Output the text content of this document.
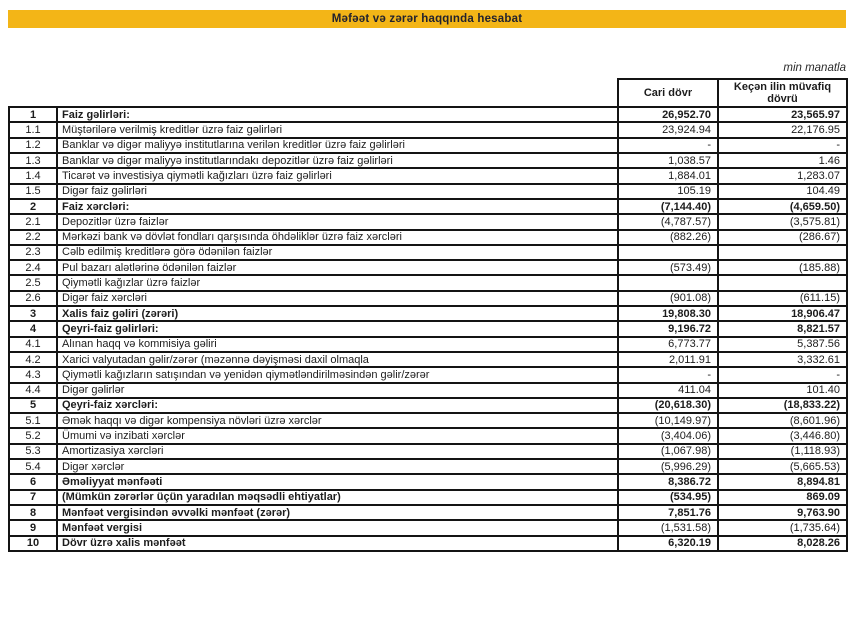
Məfəət və zərər haqqında hesabat
min manatla
		Cari dövr	Keçən ilin müvafiq dövrü
1	Faiz gəlirləri:	26,952.70	23,565.97
1.1	Müştərilərə verilmiş kreditlər üzrə faiz gəlirləri	23,924.94	22,176.95
1.2	Banklar və digər maliyyə institutlarına verilən kreditlər üzrə faiz gəlirləri	-	-
1.3	Banklar və digər maliyyə institutlarındakı depozitlər üzrə faiz gəlirləri	1,038.57	1.46
1.4	Ticarət və investisiya qiymətli kağızları üzrə faiz gəlirləri	1,884.01	1,283.07
1.5	Digər faiz gəlirləri	105.19	104.49
2	Faiz xərcləri:	(7,144.40)	(4,659.50)
2.1	Depozitlər üzrə faizlər	(4,787.57)	(3,575.81)
2.2	Mərkəzi bank və dövlət fondları qarşısında öhdəliklər üzrə faiz xərcləri	(882.26)	(286.67)
2.3	Cəlb edilmiş kreditlərə görə ödənilən faizlər		
2.4	Pul bazarı alətlərinə ödənilən faizlər	(573.49)	(185.88)
2.5	Qiymətli kağızlar üzrə faizlər		
2.6	Digər faiz xərcləri	(901.08)	(611.15)
3	Xalis faiz gəliri (zərəri)	19,808.30	18,906.47
4	Qeyri-faiz gəlirləri:	9,196.72	8,821.57
4.1	Alınan haqq və kommisiya gəliri	6,773.77	5,387.56
4.2	Xarici valyutadan gəlir/zərər (məzənnə dəyişməsi daxil olmaqla	2,011.91	3,332.61
4.3	Qiymətli kağızların satışından və yenidən qiymətləndirilməsindən gəlir/zərər	-	-
4.4	Digər gəlirlər	411.04	101.40
5	Qeyri-faiz xərcləri:	(20,618.30)	(18,833.22)
5.1	Əmək haqqı və digər kompensiya növləri üzrə xərclər	(10,149.97)	(8,601.96)
5.2	Ümumi və inzibati xərclər	(3,404.06)	(3,446.80)
5.3	Amortizasiya xərcləri	(1,067.98)	(1,118.93)
5.4	Digər xərclər	(5,996.29)	(5,665.53)
6	Əməliyyat mənfəəti	8,386.72	8,894.81
7	(Mümkün zərərlər üçün yaradılan məqsədli ehtiyatlar)	(534.95)	869.09
8	Mənfəət vergisindən əvvəlki mənfəət (zərər)	7,851.76	9,763.90
9	Mənfəət vergisi	(1,531.58)	(1,735.64)
10	Dövr üzrə xalis mənfəət	6,320.19	8,028.26
